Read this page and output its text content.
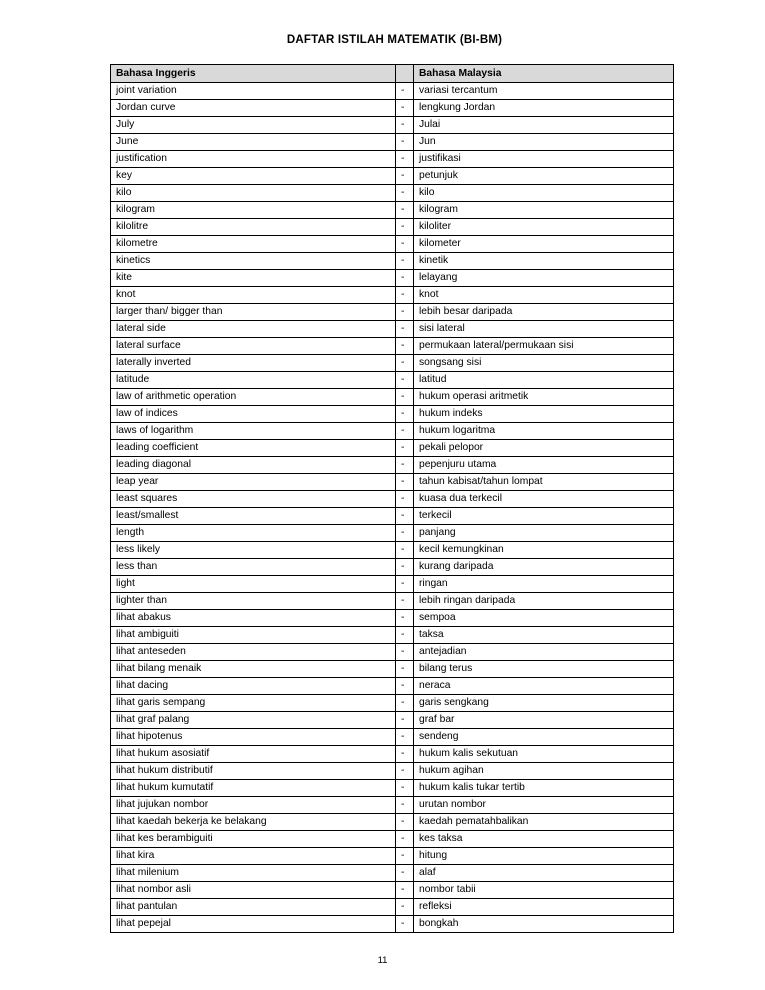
DAFTAR ISTILAH MATEMATIK (BI-BM)
Bahasa Inggeris		Bahasa Malaysia
joint variation	-	variasi tercantum
Jordan curve	-	lengkung Jordan
July	-	Julai
June	-	Jun
justification	-	justifikasi
key	-	petunjuk
kilo	-	kilo
kilogram	-	kilogram
kilolitre	-	kiloliter
kilometre	-	kilometer
kinetics	-	kinetik
kite	-	lelayang
knot	-	knot
larger than/ bigger than	-	lebih besar daripada
lateral side	-	sisi lateral
lateral surface	-	permukaan lateral/permukaan sisi
laterally inverted	-	songsang sisi
latitude	-	latitud
law of arithmetic operation	-	hukum operasi aritmetik
law of indices	-	hukum indeks
laws of logarithm	-	hukum logaritma
leading coefficient	-	pekali pelopor
leading diagonal	-	pepenjuru utama
leap year	-	tahun kabisat/tahun lompat
least squares	-	kuasa dua terkecil
least/smallest	-	terkecil
length	-	panjang
less likely	-	kecil kemungkinan
less than	-	kurang daripada
light	-	ringan
lighter than	-	lebih ringan daripada
lihat abakus	-	sempoa
lihat ambiguiti	-	taksa
lihat anteseden	-	antejadian
lihat bilang menaik	-	bilang terus
lihat dacing	-	neraca
lihat garis sempang	-	garis sengkang
lihat graf palang	-	graf bar
lihat hipotenus	-	sendeng
lihat hukum asosiatif	-	hukum kalis sekutuan
lihat hukum distributif	-	hukum agihan
lihat hukum kumutatif	-	hukum kalis tukar tertib
lihat jujukan nombor	-	urutan nombor
lihat kaedah bekerja ke belakang	-	kaedah pematahbalikan
lihat kes berambiguiti	-	kes taksa
lihat kira	-	hitung
lihat milenium	-	alaf
lihat nombor asli	-	nombor tabii
lihat pantulan	-	refleksi
lihat pepejal	-	bongkah
11
